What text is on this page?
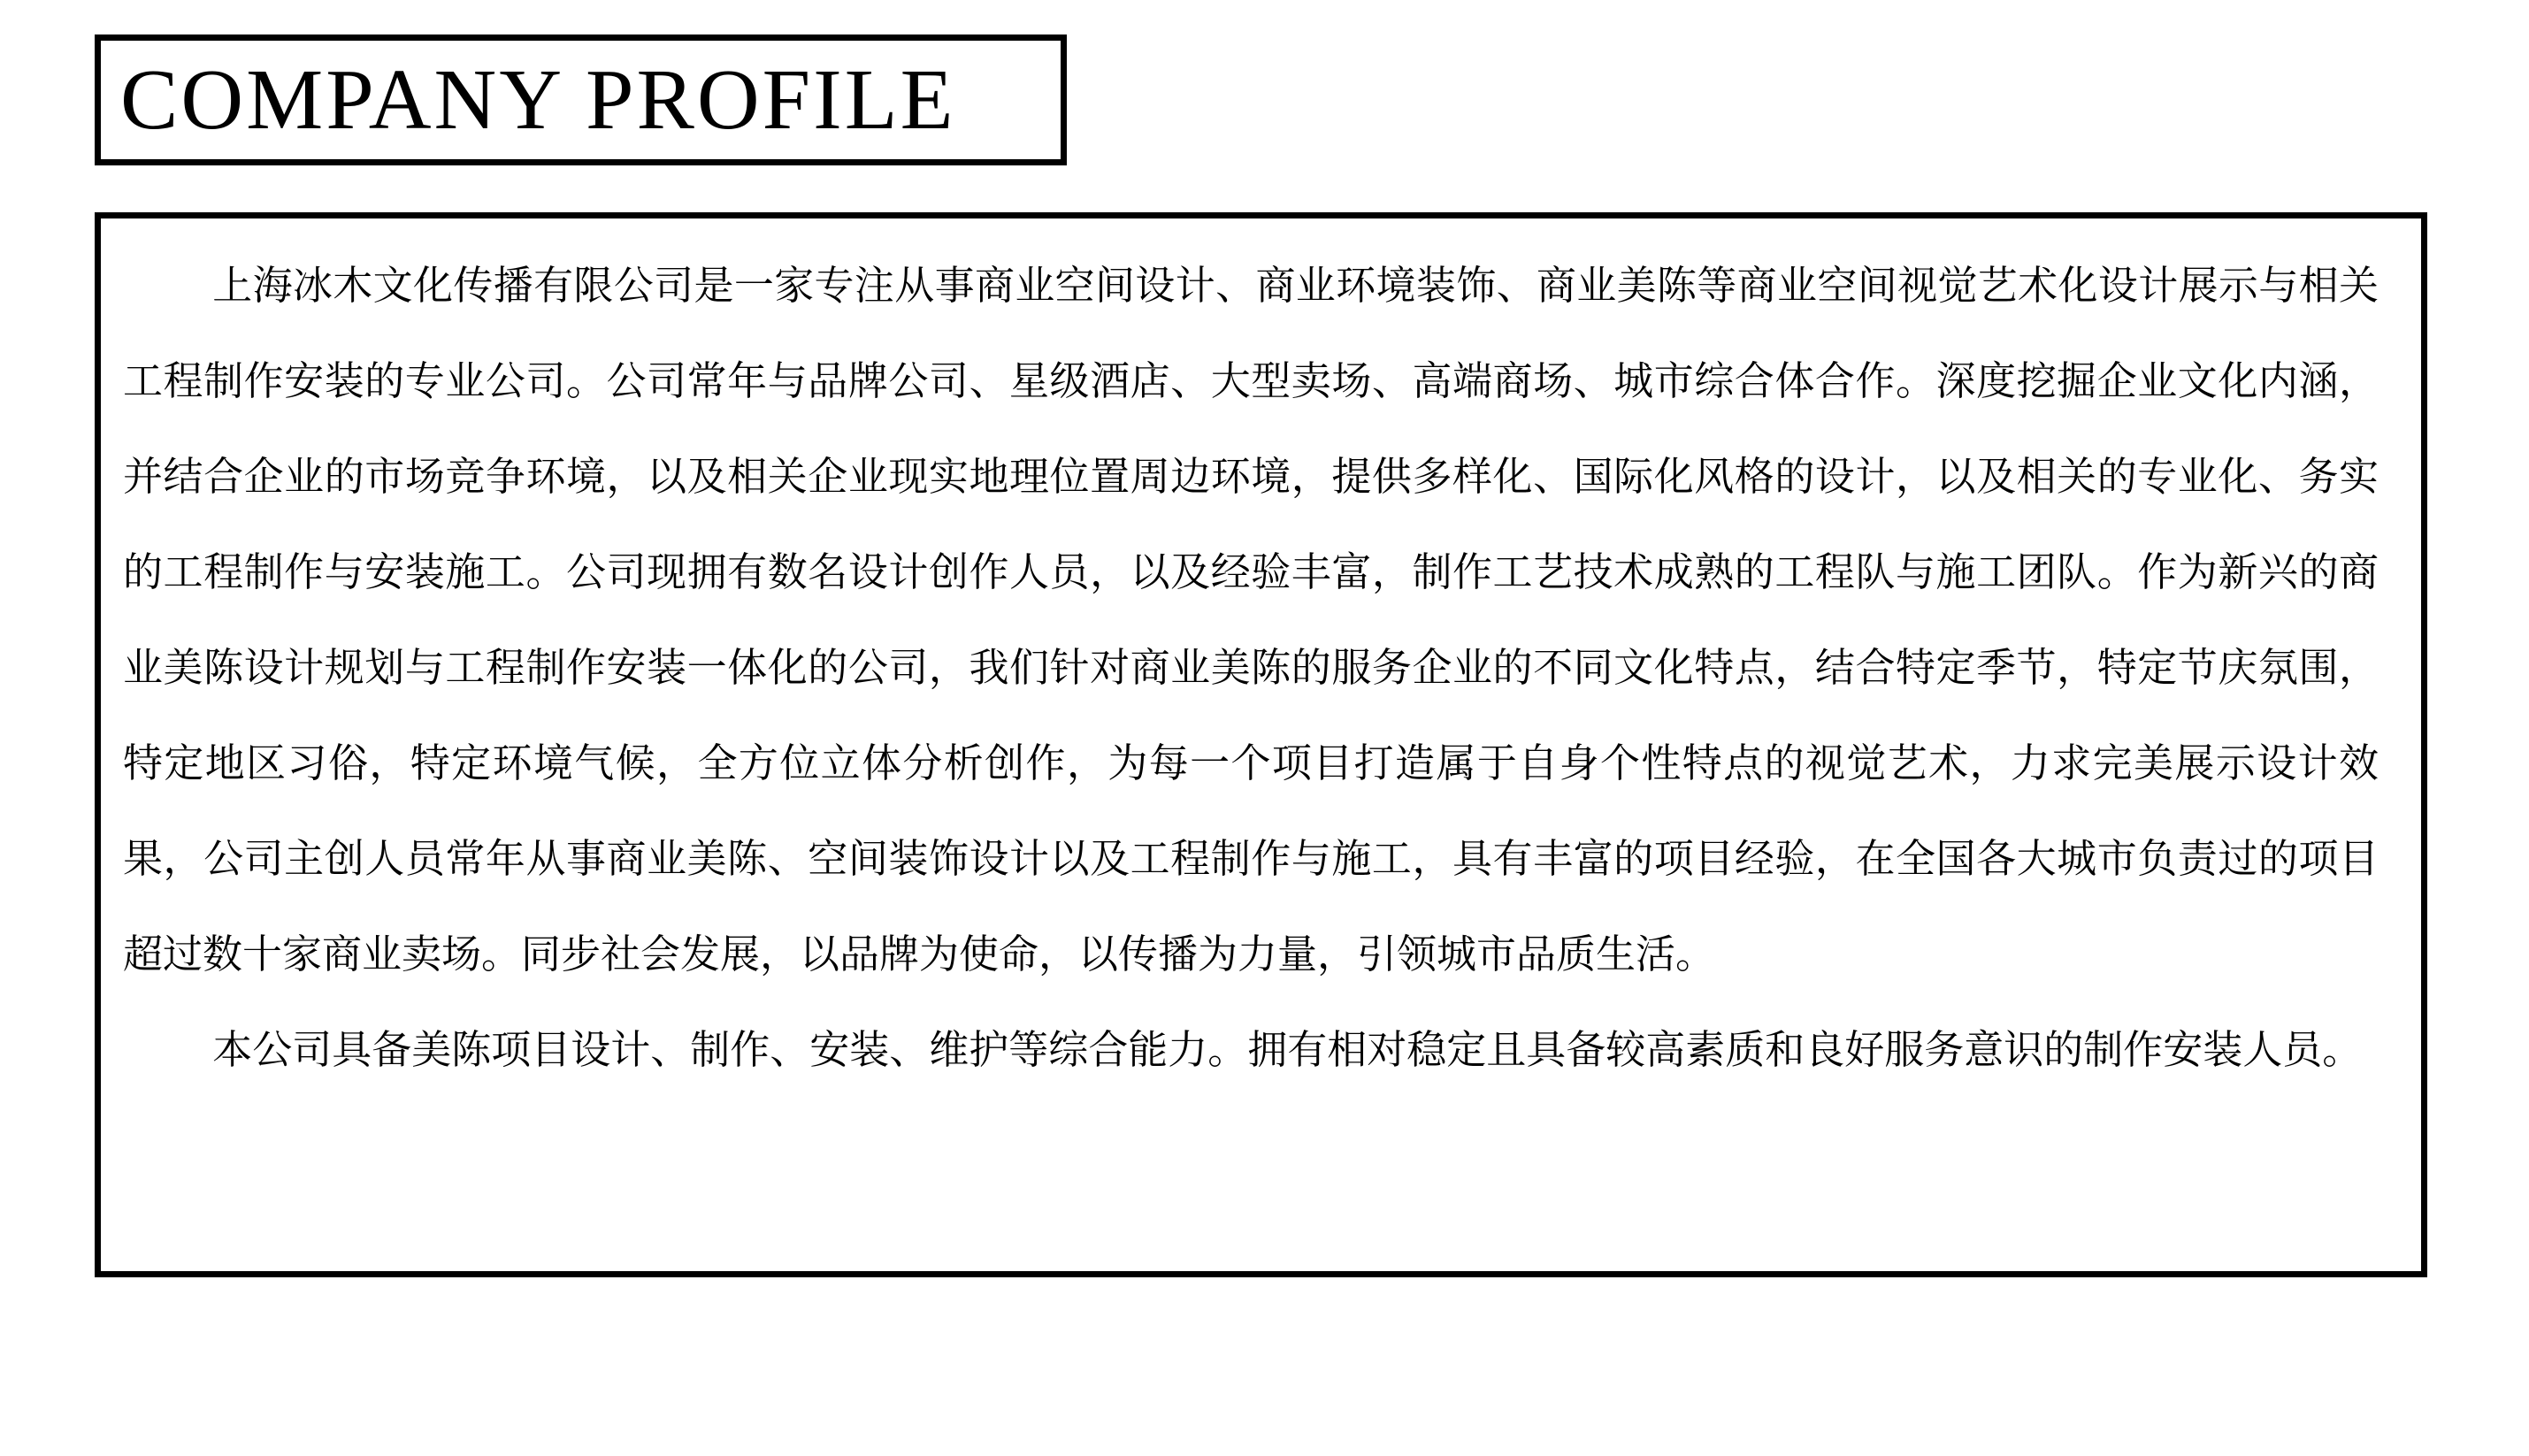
COMPANY PROFILE

上海冰木文化传播有限公司是一家专注从事商业空间设计、商业环境装饰、商业美陈等商业空间视觉艺术化设计展示与相关工程制作安装的专业公司。公司常年与品牌公司、星级酒店、大型卖场、高端商场、城市综合体合作。深度挖掘企业文化内涵，并结合企业的市场竞争环境，以及相关企业现实地理位置周边环境，提供多样化、国际化风格的设计，以及相关的专业化、务实的工程制作与安装施工。公司现拥有数名设计创作人员，以及经验丰富，制作工艺技术成熟的工程队与施工团队。作为新兴的商业美陈设计规划与工程制作安装一体化的公司，我们针对商业美陈的服务企业的不同文化特点，结合特定季节，特定节庆氛围，特定地区习俗，特定环境气候，全方位立体分析创作，为每一个项目打造属于自身个性特点的视觉艺术，力求完美展示设计效果，公司主创人员常年从事商业美陈、空间装饰设计以及工程制作与施工，具有丰富的项目经验，在全国各大城市负责过的项目超过数十家商业卖场。同步社会发展，以品牌为使命，以传播为力量，引领城市品质生活。

本公司具备美陈项目设计、制作、安装、维护等综合能力。拥有相对稳定且具备较高素质和良好服务意识的制作安装人员。
